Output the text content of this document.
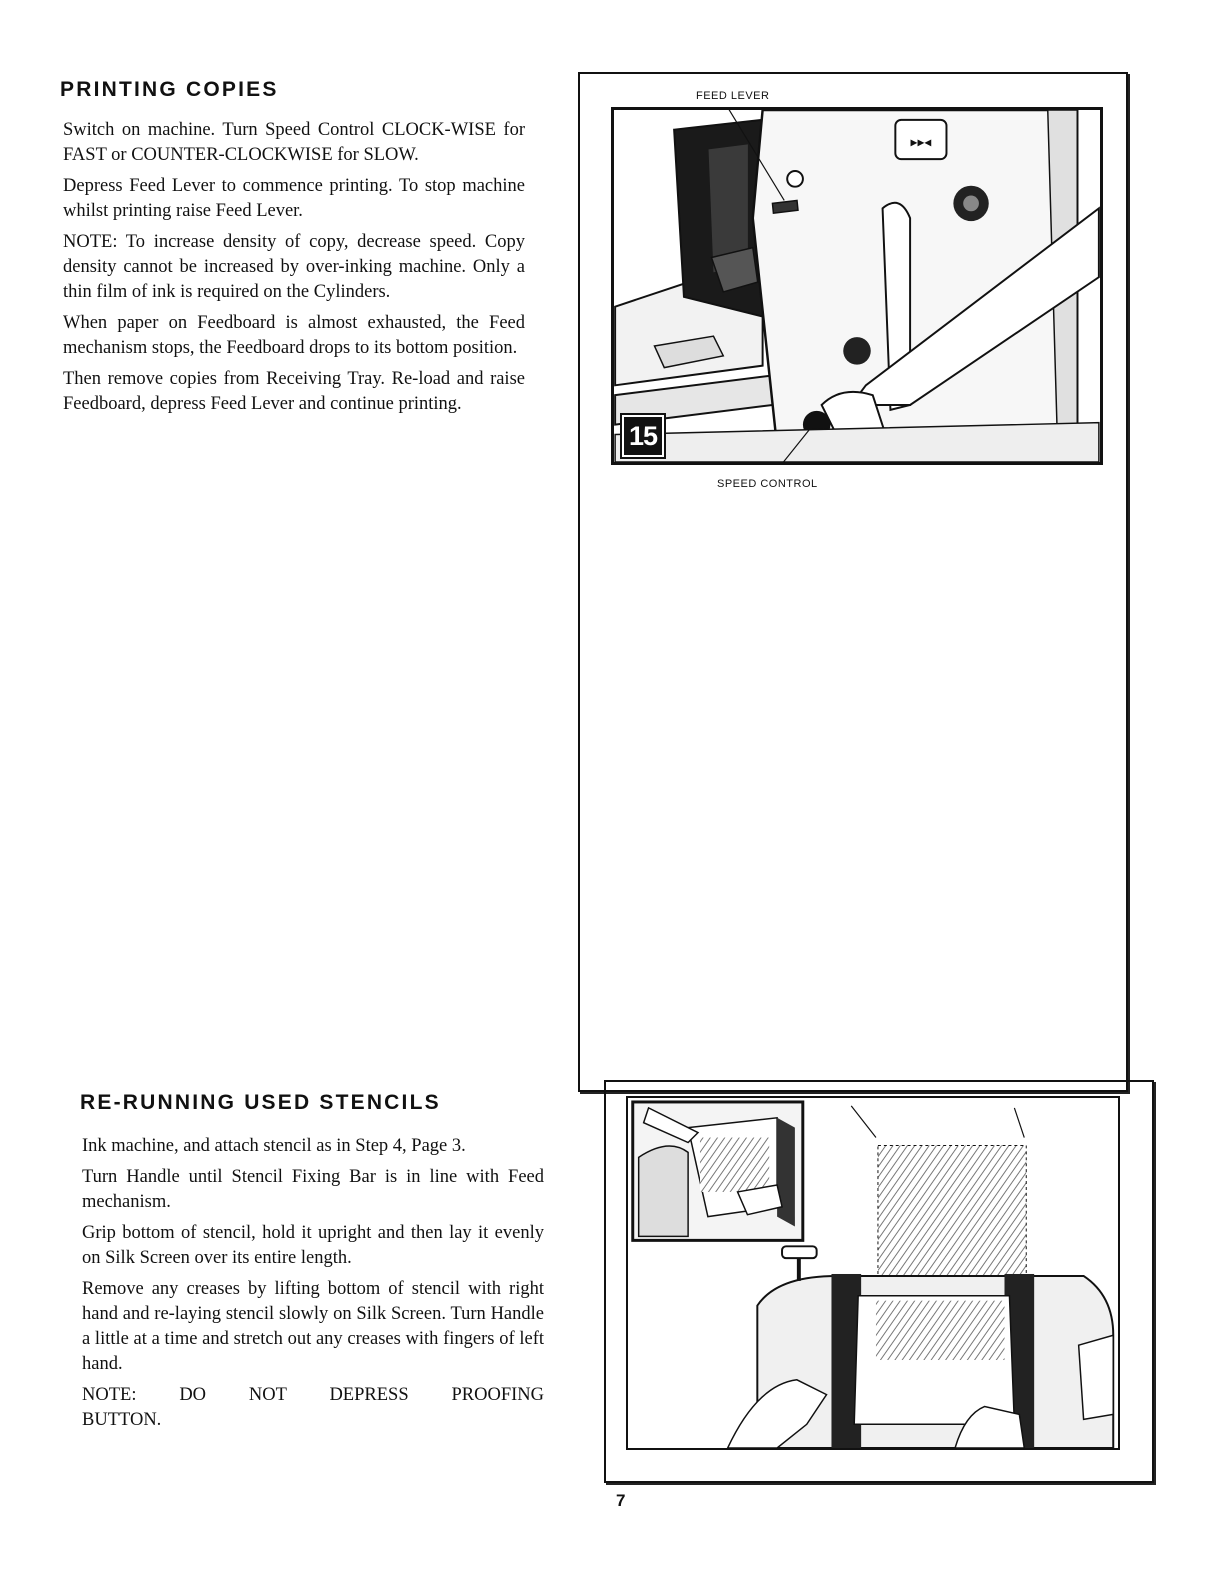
PRINTING COPIES

Switch on machine. Turn Speed Control CLOCK-WISE for FAST or COUNTER-CLOCKWISE for SLOW.

Depress Feed Lever to commence printing. To stop machine whilst printing raise Feed Lever.

NOTE: To increase density of copy, decrease speed. Copy density cannot be increased by over-inking machine. Only a thin film of ink is required on the Cylinders.

When paper on Feedboard is almost exhausted, the Feed mechanism stops, the Feedboard drops to its bottom position.

Then remove copies from Receiving Tray. Re-load and raise Feedboard, depress Feed Lever and continue printing.

RE-RUNNING USED STENCILS

Ink machine, and attach stencil as in Step 4, Page 3.

Turn Handle until Stencil Fixing Bar is in line with Feed mechanism.

Grip bottom of stencil, hold it upright and then lay it evenly on Silk Screen over its entire length.

Remove any creases by lifting bottom of stencil with right hand and re-laying stencil slowly on Silk Screen. Turn Handle a little at a time and stretch out any creases with fingers of left hand.

NOTE: DO NOT DEPRESS PROOFING BUTTON.

FEED LEVER
▸▸◂
15
SPEED CONTROL
7
